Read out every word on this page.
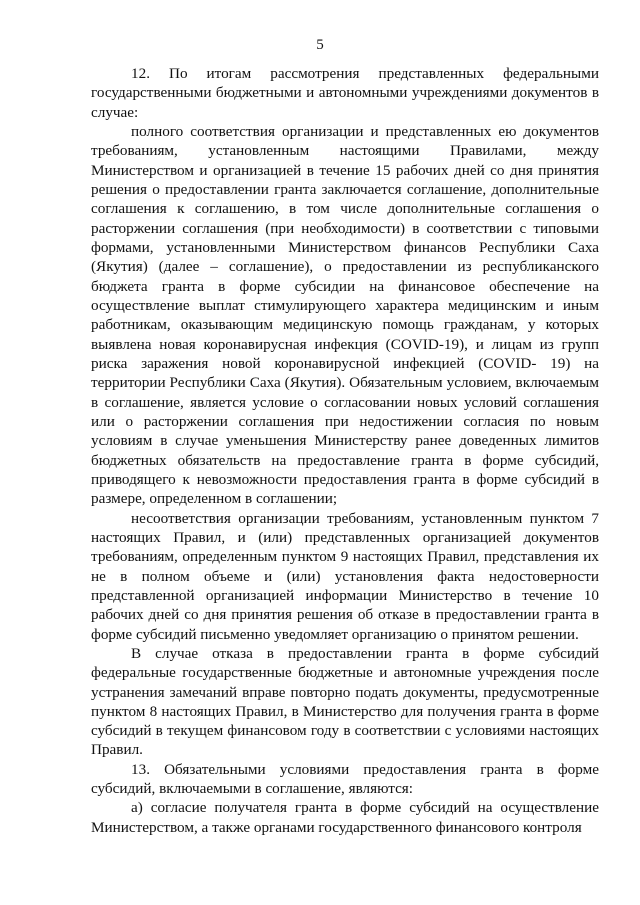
5

12. По итогам рассмотрения представленных федеральными государственными бюджетными и автономными учреждениями документов в случае:

полного соответствия организации и представленных ею документов требованиям, установленным настоящими Правилами, между Министерством и организацией в течение 15 рабочих дней со дня принятия решения о предоставлении гранта заключается соглашение, дополнительные соглашения к соглашению, в том числе дополнительные соглашения о расторжении соглашения (при необходимости) в соответствии с типовыми формами, установленными Министерством финансов Республики Саха (Якутия) (далее – соглашение), о предоставлении из республиканского бюджета гранта в форме субсидии на финансовое обеспечение на осуществление выплат стимулирующего характера медицинским и иным работникам, оказывающим медицинскую помощь гражданам, у которых выявлена новая коронавирусная инфекция (COVID-19), и лицам из групп риска заражения новой коронавирусной инфекцией (COVID- 19) на территории Республики Саха (Якутия). Обязательным условием, включаемым в соглашение, является условие о согласовании новых условий соглашения или о расторжении соглашения при недостижении согласия по новым условиям в случае уменьшения Министерству ранее доведенных лимитов бюджетных обязательств на предоставление гранта в форме субсидий, приводящего к невозможности предоставления гранта в форме субсидий в размере, определенном в соглашении;

несоответствия организации требованиям, установленным пунктом 7 настоящих Правил, и (или) представленных организацией документов требованиям, определенным пунктом 9 настоящих Правил, представления их не в полном объеме и (или) установления факта недостоверности представленной организацией информации Министерство в течение 10 рабочих дней со дня принятия решения об отказе в предоставлении гранта в форме субсидий письменно уведомляет организацию о принятом решении.

В случае отказа в предоставлении гранта в форме субсидий федеральные государственные бюджетные и автономные учреждения после устранения замечаний вправе повторно подать документы, предусмотренные пунктом 8 настоящих Правил, в Министерство для получения гранта в форме субсидий в текущем финансовом году в соответствии с условиями настоящих Правил.

13. Обязательными условиями предоставления гранта в форме субсидий, включаемыми в соглашение, являются:

а) согласие получателя гранта в форме субсидий на осуществление Министерством, а также органами государственного финансового контроля
